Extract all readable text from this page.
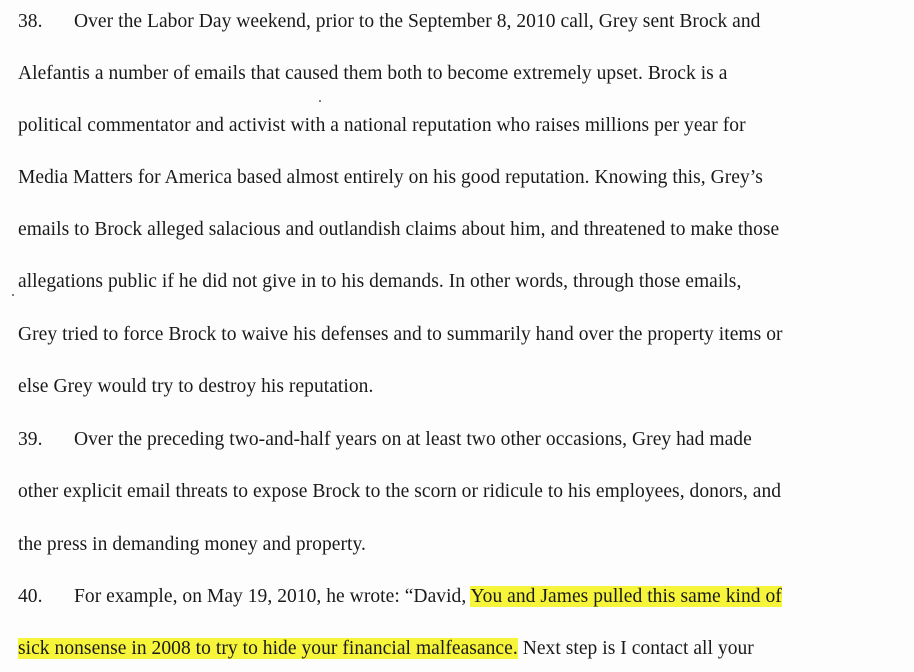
38. Over the Labor Day weekend, prior to the September 8, 2010 call, Grey sent Brock and
Alefantis a number of emails that caused them both to become extremely upset. Brock is a
political commentator and activist with a national reputation who raises millions per year for
Media Matters for America based almost entirely on his good reputation. Knowing this, Grey’s
emails to Brock alleged salacious and outlandish claims about him, and threatened to make those
allegations public if he did not give in to his demands. In other words, through those emails,
Grey tried to force Brock to waive his defenses and to summarily hand over the property items or
else Grey would try to destroy his reputation.
39. Over the preceding two-and-half years on at least two other occasions, Grey had made
other explicit email threats to expose Brock to the scorn or ridicule to his employees, donors, and
the press in demanding money and property.
40. For example, on May 19, 2010, he wrote: “David, You and James pulled this same kind of
sick nonsense in 2008 to try to hide your financial malfeasance. Next step is I contact all your
